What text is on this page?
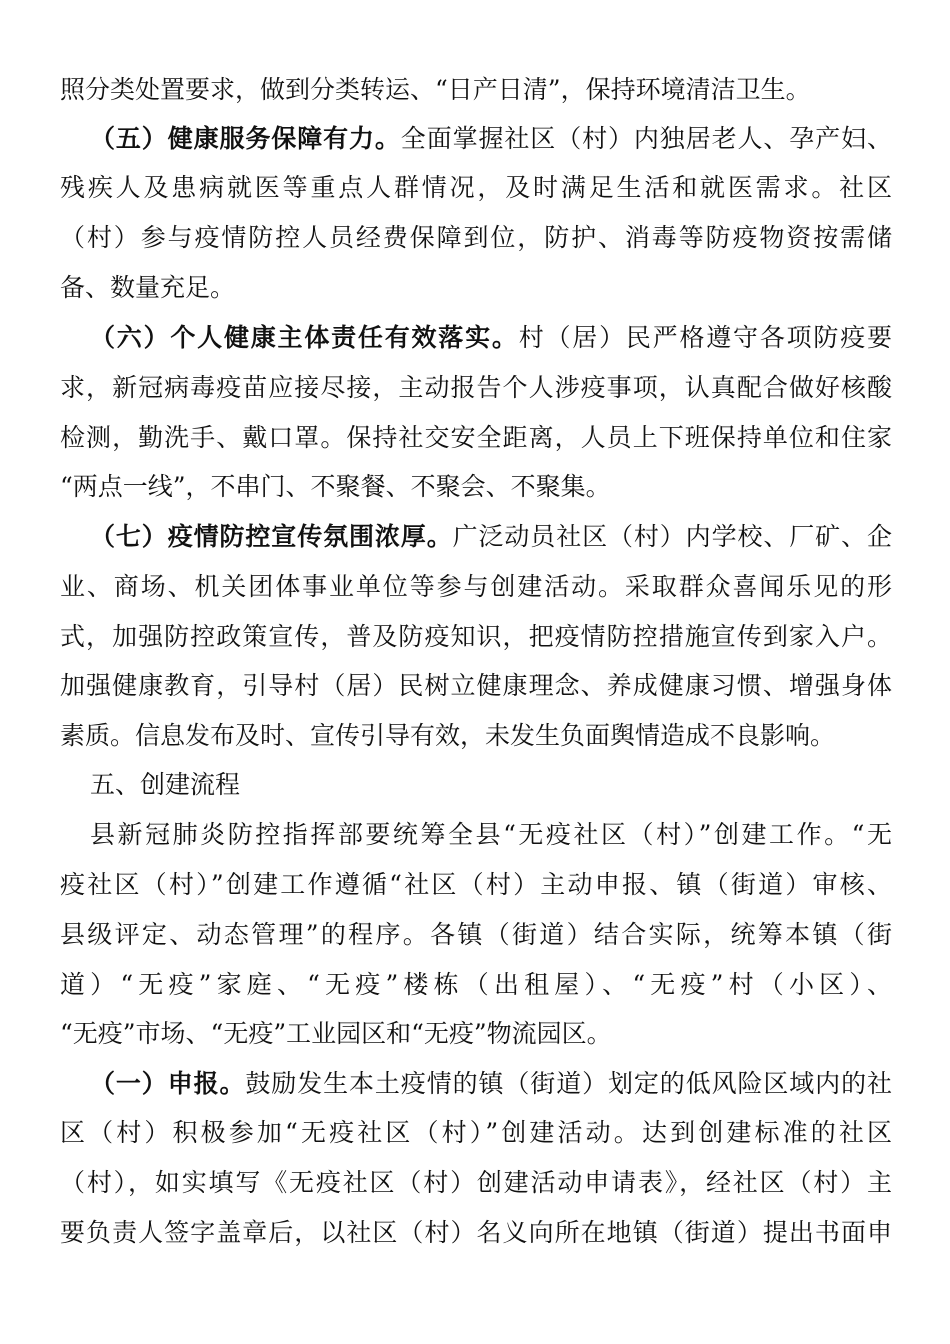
照分类处置要求，做到分类转运、“日产日清”，保持环境清洁卫生。
（五）健康服务保障有力。全面掌握社区（村）内独居老人、孕产妇、
残疾人及患病就医等重点人群情况，及时满足生活和就医需求。社区
（村）参与疫情防控人员经费保障到位，防护、消毒等防疫物资按需储
备、数量充足。
（六）个人健康主体责任有效落实。村（居）民严格遵守各项防疫要
求，新冠病毒疫苗应接尽接，主动报告个人涉疫事项，认真配合做好核酸
检测，勤洗手、戴口罩。保持社交安全距离，人员上下班保持单位和住家
“两点一线”，不串门、不聚餐、不聚会、不聚集。
（七）疫情防控宣传氛围浓厚。广泛动员社区（村）内学校、厂矿、企
业、商场、机关团体事业单位等参与创建活动。采取群众喜闻乐见的形
式，加强防控政策宣传，普及防疫知识，把疫情防控措施宣传到家入户。
加强健康教育，引导村（居）民树立健康理念、养成健康习惯、增强身体
素质。信息发布及时、宣传引导有效，未发生负面舆情造成不良影响。
五、创建流程
县新冠肺炎防控指挥部要统筹全县“无疫社区（村）”创建工作。“无
疫社区（村）”创建工作遵循“社区（村）主动申报、镇（街道）审核、
县级评定、动态管理”的程序。各镇（街道）结合实际，统筹本镇（街
道）“无疫”家庭、“无疫”楼栋（出租屋）、“无疫”村（小区）、
“无疫”市场、“无疫”工业园区和“无疫”物流园区。
（一）申报。鼓励发生本土疫情的镇（街道）划定的低风险区域内的社
区（村）积极参加“无疫社区（村）”创建活动。达到创建标准的社区
（村），如实填写《无疫社区（村）创建活动申请表》，经社区（村）主
要负责人签字盖章后，以社区（村）名义向所在地镇（街道）提出书面申
